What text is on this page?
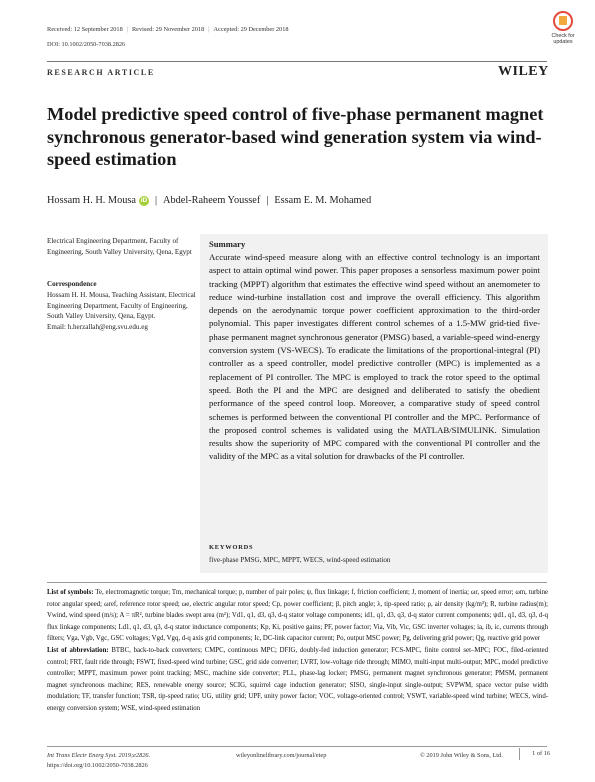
Received: 12 September 2018 | Revised: 29 November 2018 | Accepted: 29 December 2018
DOI: 10.1002/2050-7038.2826
Check for
updates
RESEARCH ARTICLE	WILEY
Model predictive speed control of five-phase permanent magnet synchronous generator-based wind generation system via wind-speed estimation
Hossam H. H. Mousa iD | Abdel-Raheem Youssef | Essam E. M. Mohamed
Electrical Engineering Department, Faculty of Engineering, South Valley University, Qena, Egypt
Correspondence

Hossam H. H. Mousa, Teaching Assistant, Electrical Engineering Department, Faculty of Engineering, South Valley University, Qena, Egypt.

Email: h.herzallah@eng.svu.edu.eg

Summary
Accurate wind-speed measure along with an effective control technology is an important aspect to attain optimal wind power. This paper proposes a sensorless maximum power point tracking (MPPT) algorithm that estimates the effective wind speed without an anemometer to reduce wind-turbine installation cost and improve the overall efficiency. This algorithm depends on the aerodynamic torque power coefficient approximation to the third-order polynomial. This paper investigates different control schemes of a 1.5-MW grid-tied five-phase permanent magnet synchronous generator (PMSG) based, a variable-speed wind-energy conversion system (VS-WECS). To eradicate the limitations of the proportional-integral (PI) controller as a speed controller, model predictive controller (MPC) is implemented as a replacement of PI controller. The MPC is employed to track the rotor speed to the optimal speed. Both the PI and the MPC are designed and deliberated to satisfy the obedient performance of the speed control loop. Moreover, a comparative study of speed control schemes is performed between the conventional PI controller and the MPC. Performance of the proposed control schemes is validated using the MATLAB/SIMULINK. Simulation results show the superiority of MPC compared with the conventional PI controller and the validity of the MPC as a vital solution for drawbacks of the PI controller.
KEYWORDS
five-phase PMSG, MPC, MPPT, WECS, wind-speed estimation

List of symbols: Te, electromagnetic torque; Tm, mechanical torque; p, number of pair poles; ψ, flux linkage; f, friction coefficient; J, moment of inertia; ωr, speed error; ωm, turbine rotor angular speed; ωref, reference rotor speed; ωe, electric angular rotor speed; Cp, power coefficient; β, pitch angle; λ, tip-speed ratio; ρ, air density (kg/m³); R, turbine radius(m); Vwind, wind speed (m/s); A = πR², turbine blades swept area (m²); Vd1, q1, d3, q3, d-q stator voltage components; id1, q1, d3, q3, d-q stator current components; ψd1, q1, d3, q3, d-q flux linkage components; Ld1, q1, d3, q3, d-q stator inductance components; Kp, Ki, positive gains; PF, power factor; Via, Vib, Vic, GSC inverter voltages; ia, ib, ic, currents through filters; Vga, Vgb, Vgc, GSC voltages; Vgd, Vgq, d-q axis grid components; Ic, DC-link capacitor current; Po, output MSC power; Pg, delivering grid power; Qg, reactive grid power

List of abbreviation: BTBC, back-to-back converters; CMPC, continuous MPC; DFIG, doubly-fed induction generator; FCS-MPC, finite control set–MPC; FOC, filed-oriented control; FRT, fault ride through; FSWT, fixed-speed wind turbine; GSC, grid side converter; LVRT, low-voltage ride through; MIMO, multi-input multi-output; MPC, model predictive controller; MPPT, maximum power point tracking; MSC, machine side converter; PLL, phase-lag locker; PMSG, permanent magnet synchronous generator; PMSM, permanent magnet synchronous machine; RES, renewable energy source; SCIG, squirrel cage induction generator; SISO, single-input single-output; SVPWM, space vector pulse width modulation; TF, transfer function; TSR, tip-speed ratio; UG, utility grid; UPF, unity power factor; VOC, voltage-oriented control; VSWT, variable-speed wind turbine; WECS, wind-energy conversion system; WSE, wind-speed estimation

Int Trans Electr Energ Syst. 2019;e2826.
https://doi.org/10.1002/2050-7038.2826
wileyonlinelibrary.com/journal/etep	© 2019 John Wiley & Sons, Ltd.	1 of 16
